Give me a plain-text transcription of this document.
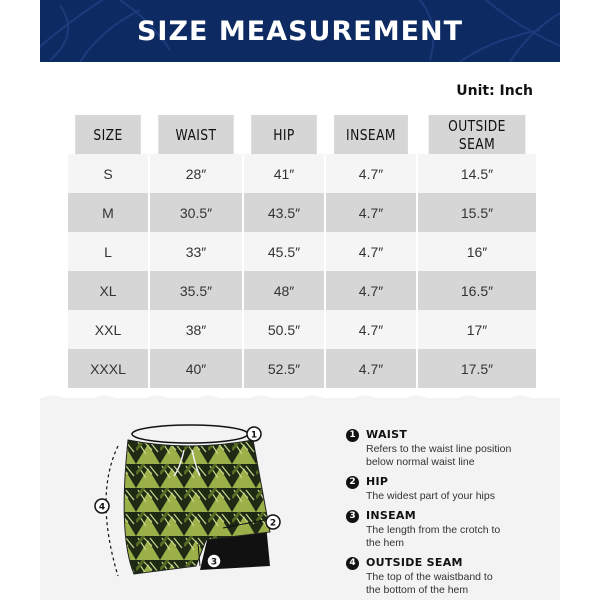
SIZE MEASUREMENT
Unit: Inch
SIZE	WAIST	HIP	INSEAM	OUTSIDE SEAM
S	28″	41″	4.7″	14.5″
M	30.5″	43.5″	4.7″	15.5″
L	33″	45.5″	4.7″	16″
XL	35.5″	48″	4.7″	16.5″
XXL	38″	50.5″	4.7″	17″
XXXL	40″	52.5″	4.7″	17.5″
1
2
3
4
1 WAIST
Refers to the waist line position
below normal waist line
2 HIP
The widest part of your hips
3 INSEAM
The length from the crotch to
the hem
4 OUTSIDE SEAM
The top of the waistband to
the bottom of the hem
